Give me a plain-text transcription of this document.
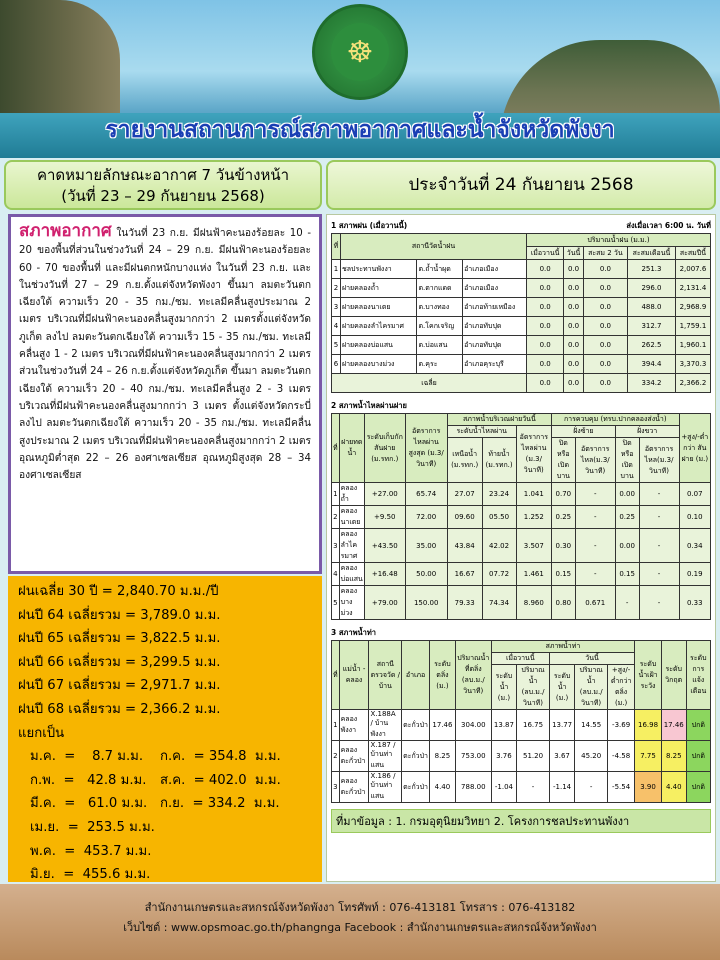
☸
รายงานสถานการณ์สภาพอากาศและน้ำจังหวัดพังงา
คาดหมายลักษณะอากาศ 7 วันข้างหน้า
(วันที่ 23 – 29 กันยายน 2568)
ประจำวันที่ 24 กันยายน 2568
สภาพอากาศ ในวันที่ 23 ก.ย. มีฝนฟ้าคะนองร้อยละ 10 - 20 ของพื้นที่ส่วนในช่วงวันที่ 24 – 29 ก.ย. มีฝนฟ้าคะนองร้อยละ 60 - 70 ของพื้นที่ และมีฝนตกหนักบางแห่ง ในวันที่ 23 ก.ย. และในช่วงวันที่ 27 – 29 ก.ย.ตั้งแต่จังหวัดพังงา ขึ้นมา ลมตะวันตกเฉียงใต้ ความเร็ว 20 - 35 กม./ชม. ทะเลมีคลื่นสูงประมาณ 2 เมตร บริเวณที่มีฝนฟ้าคะนองคลื่นสูงมากกว่า 2 เมตรตั้งแต่จังหวัดภูเก็ต ลงไป ลมตะวันตกเฉียงใต้ ความเร็ว 15 - 35 กม./ชม. ทะเลมีคลื่นสูง 1 - 2 เมตร บริเวณที่มีฝนฟ้าคะนองคลื่นสูงมากกว่า 2 เมตร ส่วนในช่วงวันที่ 24 – 26 ก.ย.ตั้งแต่จังหวัดภูเก็ต ขึ้นมา ลมตะวันตกเฉียงใต้ ความเร็ว 20 - 40 กม./ชม. ทะเลมีคลื่นสูง 2 - 3 เมตร บริเวณที่มีฝนฟ้าคะนองคลื่นสูงมากกว่า 3 เมตร ตั้งแต่จังหวัดกระบี่ ลงไป ลมตะวันตกเฉียงใต้ ความเร็ว 20 - 35 กม./ชม. ทะเลมีคลื่นสูงประมาณ 2 เมตร บริเวณที่มีฝนฟ้าคะนองคลื่นสูงมากกว่า 2 เมตรอุณหภูมิต่ำสุด 22 – 26 องศาเซลเซียส อุณหภูมิสูงสุด 28 – 34 องศาเซลเซียส
ฝนเฉลี่ย 30 ปี = 2,840.70 ม.ม./ปี
ฝนปี 64 เฉลี่ยรวม = 3,789.0 ม.ม.
ฝนปี 65 เฉลี่ยรวม = 3,822.5 ม.ม.
ฝนปี 66 เฉลี่ยรวม = 3,299.5 ม.ม.
ฝนปี 67 เฉลี่ยรวม = 2,971.7 ม.ม.
ฝนปี 68 เฉลี่ยรวม = 2,366.2 ม.ม.
แยกเป็น
ม.ค.  =    8.7 ม.ม.	ก.ค.  = 354.8  ม.ม.
ก.พ.  =   42.8 ม.ม.	ส.ค.  = 402.0  ม.ม.
มี.ค.  =   61.0 ม.ม. ก.ย.  = 334.2  ม.ม.
เม.ย.  =  253.5 ม.ม.
พ.ค.  =  453.7 ม.ม.
มิ.ย.  =  455.6 ม.ม.
1 สภาพฝน (เมื่อวานนี้)	ส่งเมื่อเวลา 6:00 น. วันที่
ที่	สถานีวัดน้ำฝน			ปริมาณน้ำฝน (ม.ม.)				
				เมื่อวานนี้	วันนี้	สะสม 2 วัน	สะสมเดือนนี้	สะสมปีนี้
1	ชลประทานพังงา	ต.ถ้ำน้ำผุด	อำเภอเมือง	0.0	0.0	0.0	251.3	2,007.6
2	ฝายคลองถ้ำ	ต.ตากแดด	อำเภอเมือง	0.0	0.0	0.0	296.0	2,131.4
3	ฝายคลองนาเตย	ต.บางทอง	อำเภอท้ายเหมือง	0.0	0.0	0.0	488.0	2,968.9
4	ฝายคลองลำไครมาศ	ต.โคกเจริญ	อำเภอทับปุด	0.0	0.0	0.0	312.7	1,759.1
5	ฝายคลองบ่อแสน	ต.บ่อแสน	อำเภอทับปุด	0.0	0.0	0.0	262.5	1,960.1
6	ฝายคลองบางม่วง	ต.คุระ	อำเภอคุระบุรี	0.0	0.0	0.0	394.4	3,370.3
เฉลี่ย				0.0	0.0	0.0	334.2	2,366.2
2 สภาพน้ำไหลผ่านฝาย
ที่	ฝายทดน้ำ	ระดับเก็บกัก สันฝาย (ม.รทก.)	อัตราการไหลผ่าน สูงสุด (ม.3/วินาที)	สภาพน้ำบริเวณฝายวันนี้			การควบคุม (ทรบ.ปากคลองส่งน้ำ)				+สูง/-ต่ำกว่า สันฝาย (ม.)
				ระดับน้ำไหลผ่าน		อัตราการไหลผ่าน (ม.3/วินาที)	ฝั่งซ้าย		ฝั่งขวา		
				เหนือน้ำ (ม.รทก.)	ท้ายน้ำ (ม.รทก.)		ปิดหรือเปิดบาน	อัตราการไหล(ม.3/วินาที)	ปิดหรือเปิดบาน	อัตราการไหล(ม.3/วินาที)	
1	คลองถ้ำ	+27.00	65.74	27.07	23.24	1.041	0.70	-	0.00	-	0.07
2	คลองนาเตย	+9.50	72.00	09.60	05.50	1.252	0.25	-	0.25	-	0.10
3	คลองลำไครมาศ	+43.50	35.00	43.84	42.02	3.507	0.30	-	0.00	-	0.34
4	คลองบ่อแสน	+16.48	50.00	16.67	07.72	1.461	0.15	-	0.15	-	0.19
5	คลองบางม่วง	+79.00	150.00	79.33	74.34	8.960	0.80	0.671	-	-	0.33
3 สภาพน้ำท่า
ที่	แม่น้ำ - คลอง	สถานีตรวจวัด / บ้าน	อำเภอ	ระดับตลิ่ง (ม.)	ปริมาณน้ำที่ตลิ่ง (ลบ.ม./วินาที)	สภาพน้ำท่า					ระดับน้ำเฝ้าระวัง	ระดับวิกฤต	ระดับการแจ้งเตือน
						เมื่อวานนี้		วันนี้					
						ระดับน้ำ (ม.)	ปริมาณน้ำ (ลบ.ม./วินาที)	ระดับน้ำ (ม.)	ปริมาณน้ำ (ลบ.ม./วินาที)	+สูง/-ต่ำกว่าตลิ่ง (ม.)			
1	คลองพังงา	X.188A / บ้านพังงา	ตะกั่วป่า	17.46	304.00	13.87	16.75	13.77	14.55	-3.69	16.98	17.46	ปกติ
2	คลองตะกั่วป่า	X.187 / บ้านท่าแสน	ตะกั่วป่า	8.25	753.00	3.76	51.20	3.67	45.20	-4.58	7.75	8.25	ปกติ
3	คลองตะกั่วป่า	X.186 / บ้านท่าแสน	ตะกั่วป่า	4.40	788.00	-1.04	-	-1.14	-	-5.54	3.90	4.40	ปกติ
ที่มาข้อมูล : 1. กรมอุตุนิยมวิทยา 2. โครงการชลประทานพังงา
สำนักงานเกษตรและสหกรณ์จังหวัดพังงา โทรศัพท์ : 076-413181 โทรสาร : 076-413182
เว็บไซต์ : www.opsmoac.go.th/phangnga Facebook : สำนักงานเกษตรและสหกรณ์จังหวัดพังงา
